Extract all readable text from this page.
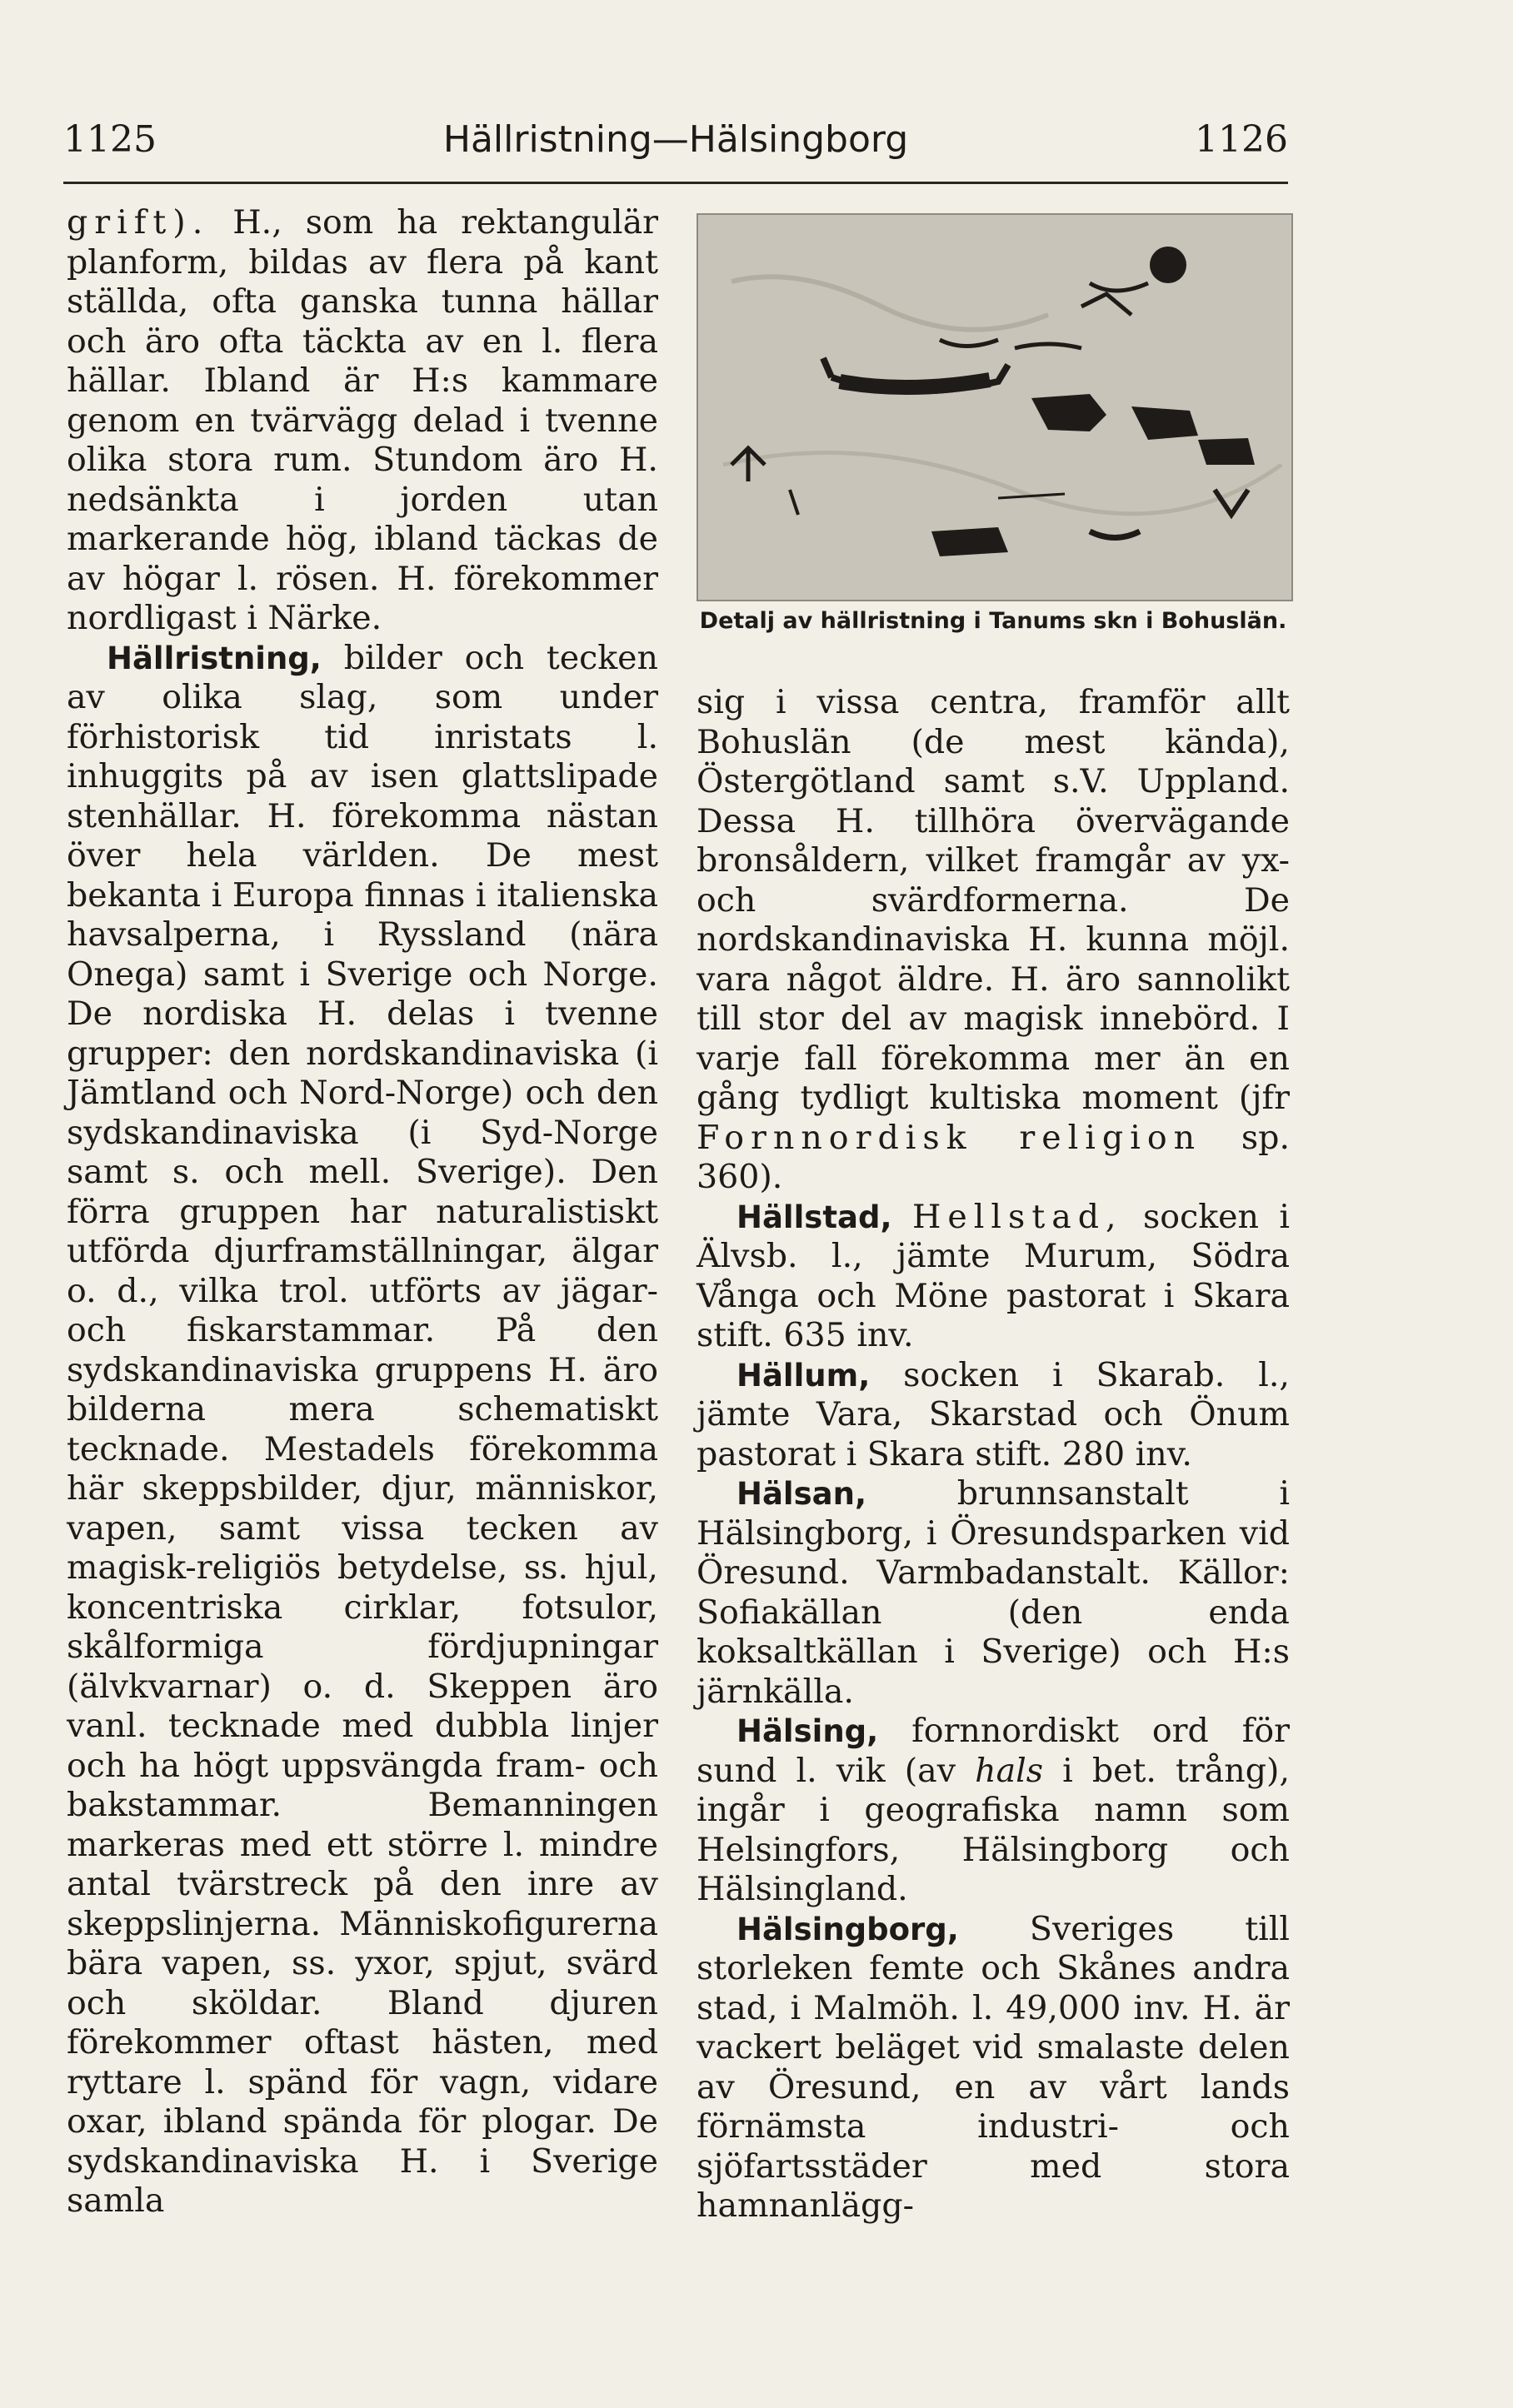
Hällristning—Hälsingborg
1125	1126

grift). H., som ha rektangulär planform, bildas av flera på kant ställda, ofta ganska tunna hällar och äro ofta täckta av en l. flera hällar. Ibland är H:s kammare genom en tvärvägg delad i tvenne olika stora rum. Stundom äro H. nedsänkta i jorden utan markerande hög, ibland täckas de av högar l. rösen. H. förekommer nordligast i Närke.

Hällristning, bilder och tecken av olika slag, som under förhistorisk tid inristats l. inhuggits på av isen glattslipade stenhällar. H. förekomma nästan över hela världen. De mest bekanta i Europa finnas i italienska havsalperna, i Ryssland (nära Onega) samt i Sverige och Norge. De nordiska H. delas i tvenne grupper: den nordskandinaviska (i Jämtland och Nord-Norge) och den sydskandinaviska (i Syd-Norge samt s. och mell. Sverige). Den förra gruppen har naturalistiskt utförda djurframställningar, älgar o. d., vilka trol. utförts av jägar- och fiskarstammar. På den sydskandinaviska gruppens H. äro bilderna mera schematiskt tecknade. Mestadels förekomma här skeppsbilder, djur, människor, vapen, samt vissa tecken av magisk-religiös betydelse, ss. hjul, koncentriska cirklar, fotsulor, skålformiga fördjupningar (älvkvarnar) o. d. Skeppen äro vanl. tecknade med dubbla linjer och ha högt uppsvängda fram- och bakstammar. Bemanningen markeras med ett större l. mindre antal tvärstreck på den inre av skeppslinjerna. Människofigurerna bära vapen, ss. yxor, spjut, svärd och sköldar. Bland djuren förekommer oftast hästen, med ryttare l. spänd för vagn, vidare oxar, ibland spända för plogar. De sydskandinaviska H. i Sverige samla

Detalj av hällristning i Tanums skn i Bohuslän.

sig i vissa centra, framför allt Bohuslän (de mest kända), Östergötland samt s.V. Uppland. Dessa H. tillhöra övervägande bronsåldern, vilket framgår av yx- och svärdformerna. De nordskandinaviska H. kunna möjl. vara något äldre. H. äro sannolikt till stor del av magisk innebörd. I varje fall förekomma mer än en gång tydligt kultiska moment (jfr Fornnordisk religion sp. 360).

Hällstad, Hellstad, socken i Älvsb. l., jämte Murum, Södra Vånga och Möne pastorat i Skara stift. 635 inv.

Hällum, socken i Skarab. l., jämte Vara, Skarstad och Önum pastorat i Skara stift. 280 inv.

Hälsan, brunnsanstalt i Hälsingborg, i Öresundsparken vid Öresund. Varmbadanstalt. Källor: Sofiakällan (den enda koksaltkällan i Sverige) och H:s järnkälla.

Hälsing, fornnordiskt ord för sund l. vik (av hals i bet. trång), ingår i geografiska namn som Helsingfors, Hälsingborg och Hälsingland.

Hälsingborg, Sveriges till storleken femte och Skånes andra stad, i Malmöh. l. 49,000 inv. H. är vackert beläget vid smalaste delen av Öresund, en av vårt lands förnämsta industri- och sjöfartsstäder med stora hamnanlägg-
